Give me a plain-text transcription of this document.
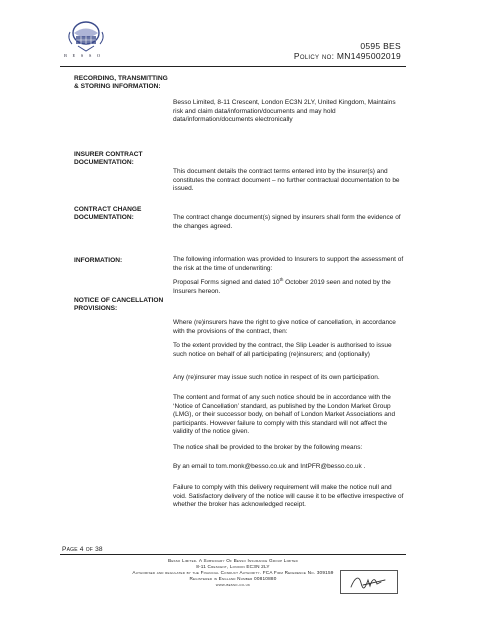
B E S S O
0595 BES
Policy no: MN1495002019
RECORDING, TRANSMITTING & STORING INFORMATION:

Besso Limited, 8-11 Crescent, London EC3N 2LY, United Kingdom, Maintains risk and claim data/information/documents and may hold data/information/documents electronically

INSURER CONTRACT DOCUMENTATION:

This document details the contract terms entered into by the insurer(s) and constitutes the contract document – no further contractual documentation to be issued.

CONTRACT CHANGE DOCUMENTATION:	The contract change document(s) signed by insurers shall form the evidence of the changes agreed.

INFORMATION:	The following information was provided to Insurers to support the assessment of the risk at the time of underwriting:

Proposal Forms signed and dated 10th October 2019 seen and noted by the Insurers hereon.

NOTICE OF CANCELLATION PROVISIONS:

Where (re)insurers have the right to give notice of cancellation, in accordance with the provisions of the contract, then:

To the extent provided by the contract, the Slip Leader is authorised to issue such notice on behalf of all participating (re)insurers; and (optionally)

Any (re)insurer may issue such notice in respect of its own participation.

The content and format of any such notice should be in accordance with the ‘Notice of Cancellation’ standard, as published by the London Market Group (LMG), or their successor body, on behalf of London Market Associations and participants. However failure to comply with this standard will not affect the validity of the notice given.

The notice shall be provided to the broker by the following means:

By an email to tom.monk@besso.co.uk and IntPFR@besso.co.uk .

Failure to comply with this delivery requirement will make the notice null and void. Satisfactory delivery of the notice will cause it to be effective irrespective of whether the broker has acknowledged receipt.

Page 4 of 38
Besso Limited. A Subsidiary Of Besso Insurance Group Limited
8-11 Crescent, London EC3N 2LY
Authorised and regulated by the Financial Conduct Authority. FCA Firm Reference No. 309159
Registered in England Number 00810880
www.besso.co.uk
